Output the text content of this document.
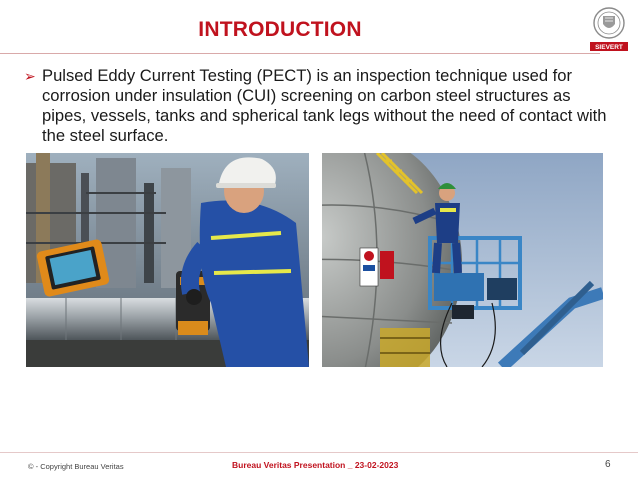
INTRODUCTION
SIEVERT
➢ Pulsed Eddy Current Testing (PECT) is an inspection technique used for corrosion under insulation (CUI) screening on carbon steel structures as pipes, vessels, tanks and spherical tank legs without the need of contact with the steel surface.
© - Copyright Bureau Veritas	Bureau Veritas Presentation _ 23-02-2023	6
